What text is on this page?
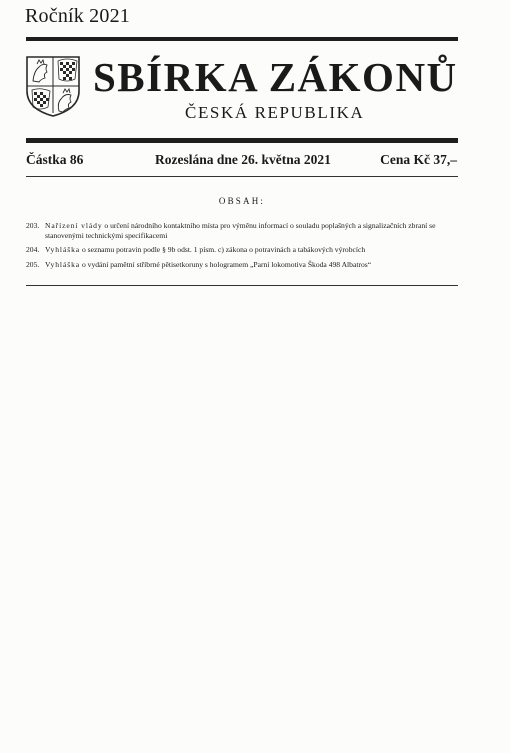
Ročník 2021
SBÍRKA ZÁKONŮ
ČESKÁ REPUBLIKA
Částka 86	Rozeslána dne 26. května 2021	Cena Kč 37,–
OBSAH:
203. Nařízení vlády o určení národního kontaktního místa pro výměnu informací o souladu poplašných a signalizačních zbraní se stanovenými technickými specifikacemi
204. Vyhláška o seznamu potravin podle § 9b odst. 1 písm. c) zákona o potravinách a tabákových výrobcích
205. Vyhláška o vydání pamětní stříbrné pětisetkoruny s hologramem „Parní lokomotiva Škoda 498 Albatros“
